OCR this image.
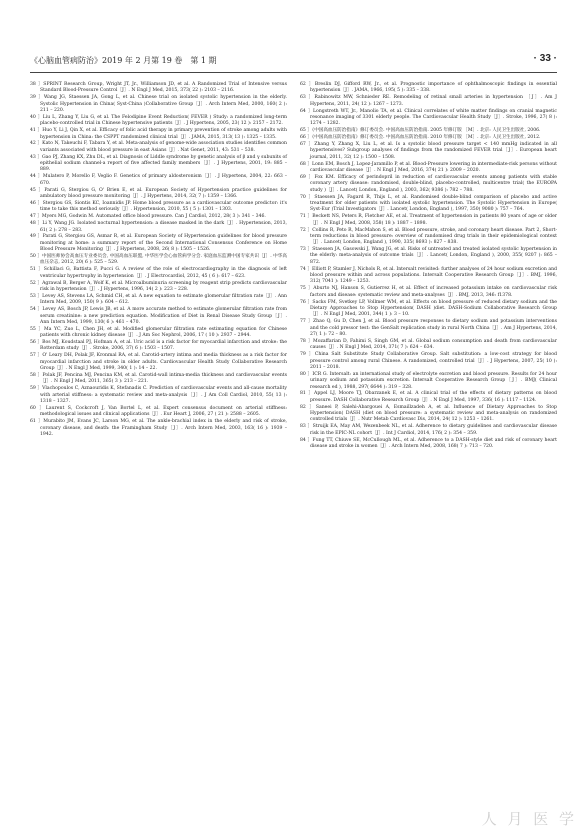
《心脑血管病防治》2019 年 2 月第 19 卷　第 1 期	· 33 ·
38 ］SPRINT Research Group, Wright JT, Jr., Williamson JD, et al. A Randomized Trial of Intensive versus Standard Blood-Pressure Control［J］. N Engl J Med, 2015, 373( 22 ): 2103 – 2116.
39 ］Wang JG, Staessen JA, Gong L, et al. Chinese trial on isolated systolic hypertension in the elderly. Systolic Hypertension in China( Syst-China )Collaborative Group［J］. Arch Intern Med, 2000, 160( 2 ): 211 – 220.
40 ］Liu L, Zhang Y, Liu G, et al. The Felodipine Event Reduction( FEVER ) Study: a randomized long-term placebo-controlled trial in Chinese hypertensive patients［J］. J Hypertens, 2005, 23( 12 ): 2157 – 2172.
41 ］Huo Y, Li J, Qin X, et al. Efficacy of folic acid therapy in primary prevention of stroke among adults with hypertension in China: the CSPPT randomized clinical trial［J］. JAMA, 2015, 313( 13 ): 1325 – 1335.
42 ］Kato N, Takeuchi F, Tabara Y, et al. Meta-analysis of genome-wide association studies identifies common variants associated with blood pressure in east Asians［J］. Nat Genet, 2011, 43: 531 – 538.
43 ］Gao PJ, Zhang KX, Zhu DL, et al. Diagnosis of Liddle syndrome by genetic analysis of β and γ subunits of epithelial sodium channel-a report of five affected family members［J］. J Hypertens, 2001, 19: 885 – 889.
44 ］Mulatero P, Morello F, Veglio F. Genetics of primary aldosteronism［J］. J Hypertens, 2004, 22: 663 – 670.
45 ］Parati G, Stergiou G, O' Brien E, et al. European Society of Hypertension practice guidelines for ambulatory blood pressure monitoring［J］. J Hypertens, 2014, 32( 7 ): 1359 – 1366.
46 ］Stergiou GS, Siontis KC, Ioannidis JP. Home blood pressure as a cardiovascular outcome predictor: it's time to take this method seriously［J］. Hypertension, 2010, 55 ( 5 ): 1301 – 1303.
47 ］Myers MG, Godwin M. Automated office blood pressure. Can J Cardiol, 2012, 28( 3 ): 341 – 346.
48 ］Li Y, Wang JG. Isolated nocturnal hypertension: a disease masked in the dark［J］. Hypertension, 2013, 61( 2 ): 278 – 283.
49 ］Parati G, Stergiou GS, Asmar R, et al. European Society of Hypertension guidelines for blood pressure monitoring at home: a summary report of the Second International Consensus Conference on Home Blood Pressure Monitoring［J］. J Hypertens, 2008, 26( 8 ): 1505 – 1526.
50 ］中国医师协会高血压专业委员会, 中国高血压联盟, 中华医学会心血管病学分会. 家庭血压监测中国专家共识［J］. 中华高血压杂志, 2012, 20( 6 ): 525 – 529.
51 ］Schillaci G, Battista F, Pucci G. A review of the role of electrocardiography in the diagnosis of left ventricular hypertrophy in hypertension［J］. J Electrocardiol, 2012, 45 ( 6 ): 617 – 623.
52 ］Agrawal B, Berger A, Wolf K, et al. Microalbuminuria screening by reagent strip predicts cardiovascular risk in hypertension［J］. J Hypertens, 1996, 14( 2 ): 223 – 228.
53 ］Levey AS, Stevens LA, Schmid CH, et al. A new equation to estimate glomerular filtration rate［J］. Ann Intern Med, 2009, 150( 9 ): 604 – 612.
54 ］Levey AS, Bosch JP, Lewis JB, et al. A more accurate method to estimate glomerular filtration rate from serum creatinine: a new prediction equation. Modification of Diet in Renal Disease Study Group［J］. Ann Intern Med, 1999, 130( 6 ): 461 – 470.
55 ］Ma YC, Zuo L, Chen JH, et al. Modified glomerular filtration rate estimating equation for Chinese patients with chronic kidney disease［J］. J Am Soc Nephrol, 2006, 17 ( 10 ): 2937 – 2944.
56 ］Bos MJ, Koudstaal PJ, Hofman A, et al. Uric acid is a risk factor for myocardial infarction and stroke: the Rotterdam study［J］. Stroke, 2006, 37( 6 ): 1503 – 1507.
57 ］O' Leary DH, Polak JF, Kronmal RA, et al. Carotid-artery intima and media thickness as a risk factor for myocardial infarction and stroke in older adults. Cardiovascular Health Study Collaborative Research Group［J］. N Engl J Med, 1999, 340( 1 ): 14 – 22.
58 ］Polak JF, Pencina MJ, Pencina KM, et al. Carotid-wall intima-media thickness and cardiovascular events［J］. N Engl J Med, 2011, 365( 3 ): 213 – 221.
59 ］Vlachopoulos C, Aznaouridis K, Stefanadis C. Prediction of cardiovascular events and all-cause mortality with arterial stiffness: a systematic review and meta-analysis［J］. J Am Coll Cardiol, 2010, 55( 13 ): 1318 – 1327.
60 ］Laurent S, Cockcroft J, Van Bortel L, et al. Expert consensus document on arterial stiffness: methodological issues and clinical applications［J］. Eur Heart J, 2006, 27 ( 21 ): 2588 – 2605.
61 ］Murabito JM, Evans JC, Larson MG, et al. The ankle-brachial index in the elderly and risk of stroke, coronary disease, and death: the Framingham Study［J］. Arch Intern Med, 2003, 163( 16 ): 1939 – 1942.
62 ］Breslin DJ, Gifford RW, Jr., et al. Prognostic importance of ophthalmoscopic findings in essential hypertension［J］. JAMA, 1966, 195( 5 ): 335 – 338.
63 ］Rabinowitz MW, Schnieder RE. Remodeling of retinal small arteries in hypertension ［J］. Am J Hypertens, 2011, 24( 12 ): 1267 – 1273.
64 ］Longstreth WT, Jr., Manolio TA, et al. Clinical correlates of white matter findings on cranial magnetic resonance imaging of 3301 elderly people. The Cardiovascular Health Study［J］. Stroke, 1996, 27( 8 ): 1274 – 1282.
65 ］《中国高血压防治指南》修订委员会. 中国高血压防治指南. 2005 年修订版 ［M］. 北京: 人民卫生出版社, 2006.
66 ］《中国高血压防治指南》修订委员会. 中国高血压防治指南. 2010 年修订版 ［M］. 北京: 人民卫生出版社, 2012.
67 ］Zhang Y, Zhang X, Liu L, et al. Is a systolic blood pressure target < 140 mmHg indicated in all hypertensives? Subgroup analyses of findings from the randomized FEVER trial［J］. European heart journal, 2011, 32( 12 ): 1500 – 1508.
68 ］Lonn EM, Bosch J, Lopez-Jaramillo P, et al. Blood-Pressure lowering in intermediate-risk persons without cardiovascular disease［J］. N Engl J Med, 2016, 374( 21 ): 2009 – 2020.
69 ］Fox KM. Efficacy of perindopril in reduction of cardiovascular events among patients with stable coronary artery disease: randomised, double-blind, placebo-controlled, multicentre trial( the EUROPA study )［J］. Lancet( London, England ), 2003, 362( 9386 ): 782 – 788.
70 ］Staessen JA, Fagard R, Thijs L, et al. Randomised double-blind comparison of placebo and active treatment for older patients with isolated systolic hypertension. The Systolic Hypertension in Europe( Syst-Eur )Trial Investigators［J］. Lancet( London, England ), 1997, 350( 9080 ): 757 – 764.
71 ］Beckett NS, Peters R, Fletcher AE, et al. Treatment of hypertension in patients 80 years of age or older［J］. N Engl J Med, 2008, 358( 18 ): 1887 – 1898.
72 ］Collins R, Peto R, MacMahon S, et al. Blood pressure, stroke, and coronary heart disease. Part 2, Short-term reductions in blood pressure: overview of randomised drug trials in their epidemiological context［J］. Lancet( London, England ), 1990, 335( 8693 ): 827 – 838.
73 ］Staessen JA, Gasowski J, Wang JG, et al. Risks of untreated and treated isolated systolic hypertension in the elderly: meta-analysis of outcome trials［J］. Lancet( London, England ), 2000, 355( 9207 ): 865 – 872.
74 ］Elliott P, Stamler J, Nichols R, et al. Intersalt revisited: further analyses of 24 hour sodium excretion and blood pressure within and across populations. Intersalt Cooperative Research Group［J］. BMJ, 1996, 312( 7041 ): 1249 – 1253.
75 ］Aburto NJ, Hanson S, Gutierrez H, et al. Effect of increased potassium intake on cardiovascular risk factors and disease: systematic review and meta-analyses［J］. BMJ, 2013, 346: f1378.
76 ］Sacks FM, Svetkey LP, Vollmer WM, et al. Effects on blood pressure of reduced dietary sodium and the Dietary Approaches to Stop Hypertension( DASH )diet. DASH-Sodium Collaborative Research Group［J］. N Engl J Med, 2001, 344( 1 ): 3 – 10.
77 ］Zhao Q, Gu D, Chen J, et al. Blood pressure responses to dietary sodium and potassium interventions and the cold pressor test: the GenSalt replication study in rural North China［J］. Am J Hypertens, 2014, 27( 1 ): 72 – 80.
78 ］Mozaffarian D, Fahimi S, Singh GM, et al. Global sodium consumption and death from cardiovascular causes［J］. N Engl J Med, 2014, 371( 7 ): 624 – 634.
79 ］China Salt Substitute Study Collaborative Group. Salt substitution: a low-cost strategy for blood pressure control among rural Chinese. A randomized, controlled trial［J］. J Hypertens, 2007, 25( 10 ): 2011 – 2018.
80 ］ICR G. Intersalt: an international study of electrolyte excretion and blood pressure. Results for 24 hour urinary sodium and potassium excretion. Intersalt Cooperative Research Group［J］. BMJ( Clinical research ed ), 1988, 297( 6644 ): 319 – 328.
81 ］Appel LJ, Moore TJ, Obarzanek E, et al. A clinical trial of the effects of dietary patterns on blood pressure. DASH Collaborative Research Group［J］. N Engl J Med, 1997, 336( 16 ): 1117 – 1124.
82 ］Saneei P, Salehi-Abargouei A, Esmaillzadeh A, et al. Influence of Dietary Approaches to Stop Hypertension( DASH )diet on blood pressure: a systematic review and meta-analysis on randomized controlled trials［J］. Nutr Metab Cardiovasc Dis, 2014, 24( 12 ): 1253 – 1261.
83 ］Struijk EA, May AM, Wezenbeek NL, et al. Adherence to dietary guidelines and cardiovascular disease risk in the EPIC-NL cohort［J］. Int J Cardiol, 2014, 176( 2 ): 354 – 359.
84 ］Fung TT, Chiuve SE, McCullough ML, et al. Adherence to a DASH-style diet and risk of coronary heart disease and stroke in women［J］. Arch Intern Med, 2008, 168( 7 ): 713 – 720.
人 月 医 学
